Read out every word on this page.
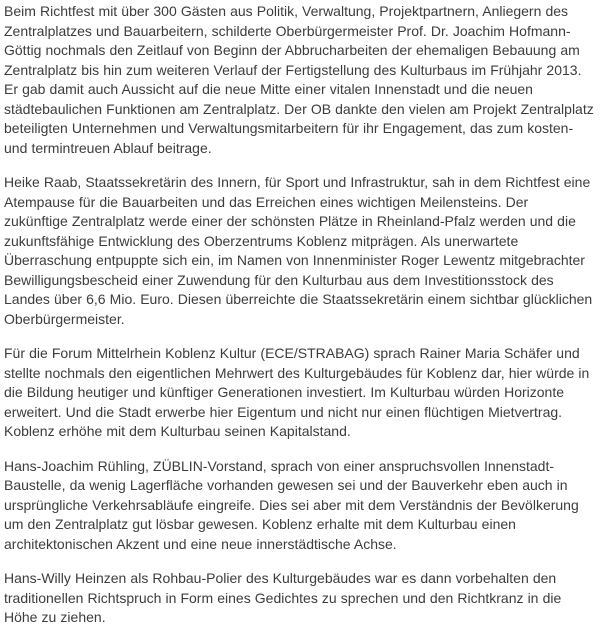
Beim Richtfest mit über 300 Gästen aus Politik, Verwaltung, Projektpartnern, Anliegern des Zentralplatzes und Bauarbeitern, schilderte Oberbürgermeister Prof. Dr. Joachim Hofmann-Göttig nochmals den Zeitlauf von Beginn der Abbrucharbeiten der ehemaligen Bebauung am Zentralplatz bis hin zum weiteren Verlauf der Fertigstellung des Kulturbaus im Frühjahr 2013. Er gab damit auch Aussicht auf die neue Mitte einer vitalen Innenstadt und die neuen städtebaulichen Funktionen am Zentralplatz. Der OB dankte den vielen am Projekt Zentralplatz beteiligten Unternehmen und Verwaltungsmitarbeitern für ihr Engagement, das zum kosten- und termintreuen Ablauf beitrage.

Heike Raab, Staatssekretärin des Innern, für Sport und Infrastruktur, sah in dem Richtfest eine Atempause für die Bauarbeiten und das Erreichen eines wichtigen Meilensteins. Der zukünftige Zentralplatz werde einer der schönsten Plätze in Rheinland-Pfalz werden und die zukunftsfähige Entwicklung des Oberzentrums Koblenz mitprägen. Als unerwartete Überraschung entpuppte sich ein, im Namen von Innenminister Roger Lewentz mitgebrachter Bewilligungsbescheid einer Zuwendung für den Kulturbau aus dem Investitionsstock des Landes über 6,6 Mio. Euro. Diesen überreichte die Staatssekretärin einem sichtbar glücklichen Oberbürgermeister.

Für die Forum Mittelrhein Koblenz Kultur (ECE/STRABAG) sprach Rainer Maria Schäfer und stellte nochmals den eigentlichen Mehrwert des Kulturgebäudes für Koblenz dar, hier würde in die Bildung heutiger und künftiger Generationen investiert. Im Kulturbau würden Horizonte erweitert. Und die Stadt erwerbe hier Eigentum und nicht nur einen flüchtigen Mietvertrag. Koblenz erhöhe mit dem Kulturbau seinen Kapitalstand.

Hans-Joachim Rühling, ZÜBLIN-Vorstand, sprach von einer anspruchsvollen Innenstadt-Baustelle, da wenig Lagerfläche vorhanden gewesen sei und der Bauverkehr eben auch in ursprüngliche Verkehrsabläufe eingreife. Dies sei aber mit dem Verständnis der Bevölkerung um den Zentralplatz gut lösbar gewesen. Koblenz erhalte mit dem Kulturbau einen architektonischen Akzent und eine neue innerstädtische Achse.

Hans-Willy Heinzen als Rohbau-Polier des Kulturgebäudes war es dann vorbehalten den traditionellen Richtspruch in Form eines Gedichtes zu sprechen und den Richtkranz in die Höhe zu ziehen.
